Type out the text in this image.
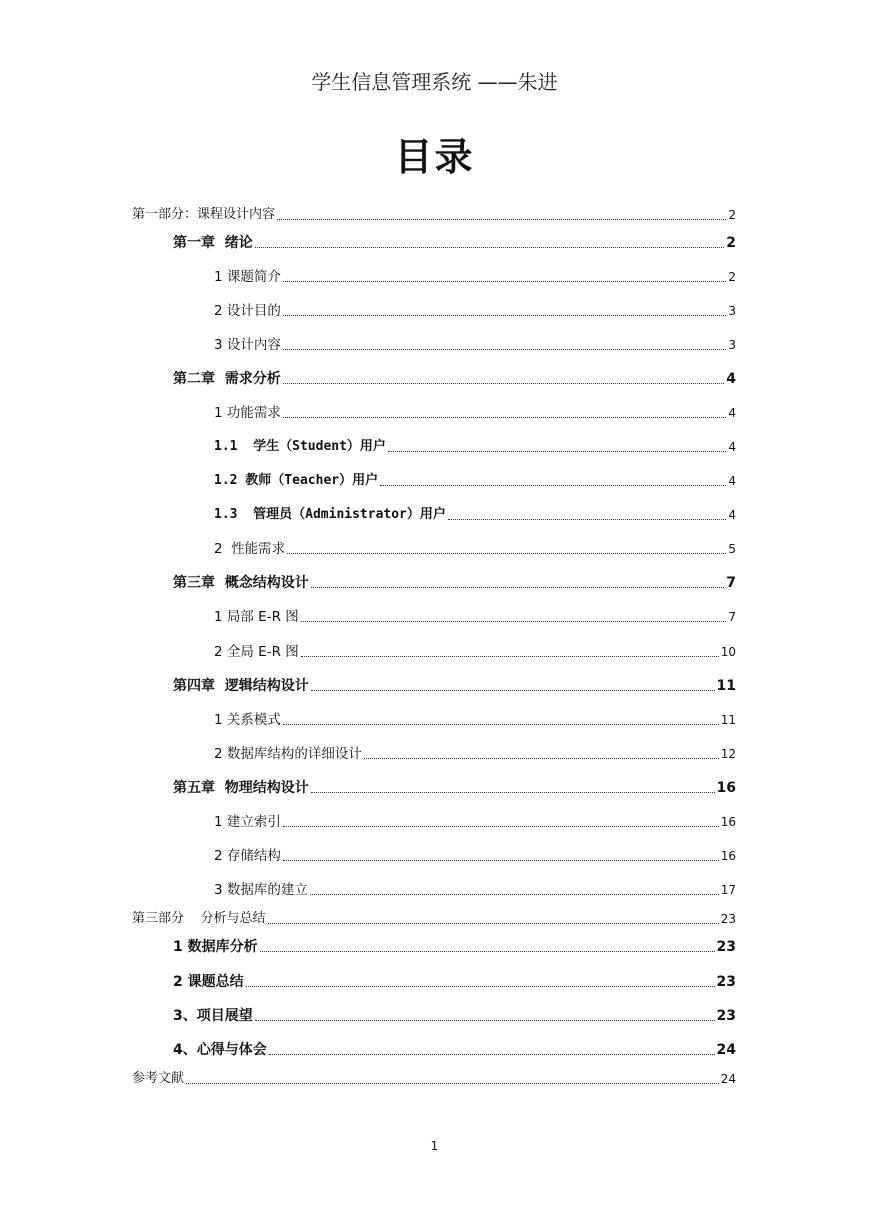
学生信息管理系统 ——朱进
目录
第一部分：课程设计内容	2
第一章  绪论	2
1 课题简介	2
2 设计目的	3
3 设计内容	3
第二章  需求分析	4
1 功能需求	4
1.1  学生（Student）用户	4
1.2 教师（Teacher）用户	4
1.3  管理员（Administrator）用户	4
2  性能需求	5
第三章  概念结构设计	7
1 局部 E-R 图	7
2 全局 E-R 图	10
第四章  逻辑结构设计	11
1 关系模式	11
2 数据库结构的详细设计	12
第五章  物理结构设计	16
1 建立索引	16
2 存储结构	16
3 数据库的建立	17
第三部分    分析与总结	23
1 数据库分析	23
2 课题总结	23
3、项目展望	23
4、心得与体会	24
参考文献	24
1
